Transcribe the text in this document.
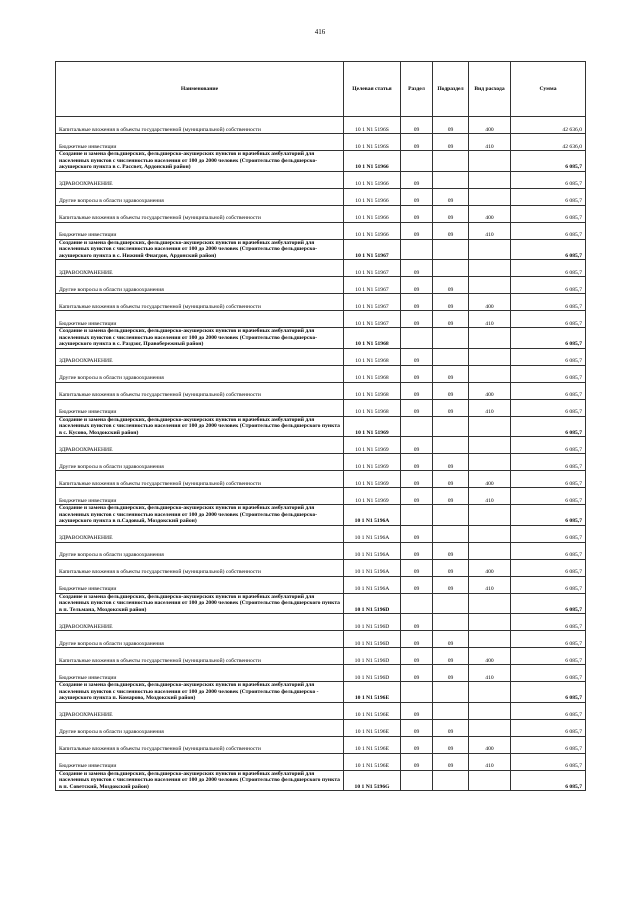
416
Наименование	Целевая статья	Раздел	Подраздел	Вид расхода	Сумма
Капитальные вложения в объекты государственной (муниципальной) собственности	10 1 N1 5196S	09	09	400	42 636,0
Бюджетные инвестиции	10 1 N1 5196S	09	09	410	42 636,0
Создание и замена фельдшерских, фельдшерско-акушерских пунктов и врачебных амбулаторий для населенных пунктов с численностью населения от 100 до 2000 человек (Строительство фельдшерско-акушерского пункта в с. Рассвет, Ардонский район)	10 1 N1 51966				6 085,7
ЗДРАВООХРАНЕНИЕ	10 1 N1 51966	09			6 085,7
Другие вопросы в области здравоохранения	10 1 N1 51966	09	09		6 085,7
Капитальные вложения в объекты государственной (муниципальной) собственности	10 1 N1 51966	09	09	400	6 085,7
Бюджетные инвестиции	10 1 N1 51966	09	09	410	6 085,7
Создание и замена фельдшерских, фельдшерско-акушерских пунктов и врачебных амбулаторий для населенных пунктов с численностью населения от 100 до 2000 человек (Строительство фельдшерско-акушерского пункта в с. Нижний Фиагдон, Ардонский район)	10 1 N1 51967				6 085,7
ЗДРАВООХРАНЕНИЕ	10 1 N1 51967	09			6 085,7
Другие вопросы в области здравоохранения	10 1 N1 51967	09	09		6 085,7
Капитальные вложения в объекты государственной (муниципальной) собственности	10 1 N1 51967	09	09	400	6 085,7
Бюджетные инвестиции	10 1 N1 51967	09	09	410	6 085,7
Создание и замена фельдшерских, фельдшерско-акушерских пунктов и врачебных амбулаторий для населенных пунктов с численностью населения от 100 до 2000 человек (Строительство фельдшерско-акушерского пункта в с. Раздзог, Правобережный район)	10 1 N1 51968				6 085,7
ЗДРАВООХРАНЕНИЕ	10 1 N1 51968	09			6 085,7
Другие вопросы в области здравоохранения	10 1 N1 51968	09	09		6 085,7
Капитальные вложения в объекты государственной (муниципальной) собственности	10 1 N1 51968	09	09	400	6 085,7
Бюджетные инвестиции	10 1 N1 51968	09	09	410	6 085,7
Создание и замена фельдшерских, фельдшерско-акушерских пунктов и врачебных амбулаторий для населенных пунктов с численностью населения от 100 до 2000 человек (Строительство фельдшерского пункта в с. Кусово, Моздокский район)	10 1 N1 51969				6 085,7
ЗДРАВООХРАНЕНИЕ	10 1 N1 51969	09			6 085,7
Другие вопросы в области здравоохранения	10 1 N1 51969	09	09		6 085,7
Капитальные вложения в объекты государственной (муниципальной) собственности	10 1 N1 51969	09	09	400	6 085,7
Бюджетные инвестиции	10 1 N1 51969	09	09	410	6 085,7
Создание и замена фельдшерских, фельдшерско-акушерских пунктов и врачебных амбулаторий для населенных пунктов с численностью населения от 100 до 2000 человек (Строительство фельдшерско-акушерского пункта в п.Садовый, Моздокский район)	10 1 N1 5196A				6 085,7
ЗДРАВООХРАНЕНИЕ	10 1 N1 5196A	09			6 085,7
Другие вопросы в области здравоохранения	10 1 N1 5196A	09	09		6 085,7
Капитальные вложения в объекты государственной (муниципальной) собственности	10 1 N1 5196A	09	09	400	6 085,7
Бюджетные инвестиции	10 1 N1 5196A	09	09	410	6 085,7
Создание и замена фельдшерских, фельдшерско-акушерских пунктов и врачебных амбулаторий для населенных пунктов с численностью населения от 100 до 2000 человек (Строительство фельдшерского пункта в п. Тельмана, Моздокский район)	10 1 N1 5196D				6 085,7
ЗДРАВООХРАНЕНИЕ	10 1 N1 5196D	09			6 085,7
Другие вопросы в области здравоохранения	10 1 N1 5196D	09	09		6 085,7
Капитальные вложения в объекты государственной (муниципальной) собственности	10 1 N1 5196D	09	09	400	6 085,7
Бюджетные инвестиции	10 1 N1 5196D	09	09	410	6 085,7
Создание и замена фельдшерских, фельдшерско-акушерских пунктов и врачебных амбулаторий для населенных пунктов с численностью населения от 100 до 2000 человек (Строительство фельдшерско - акушерского пункта п. Комарово, Моздокский район)	10 1 N1 5196E				6 085,7
ЗДРАВООХРАНЕНИЕ	10 1 N1 5196E	09			6 085,7
Другие вопросы в области здравоохранения	10 1 N1 5196E	09	09		6 085,7
Капитальные вложения в объекты государственной (муниципальной) собственности	10 1 N1 5196E	09	09	400	6 085,7
Бюджетные инвестиции	10 1 N1 5196E	09	09	410	6 085,7
Создание и замена фельдшерских, фельдшерско-акушерских пунктов и врачебных амбулаторий для населенных пунктов с численностью населения от 100 до 2000 человек (Строительство фельдшерского пункта в п. Советский, Моздокский район)	10 1 N1 5196G				6 085,7
